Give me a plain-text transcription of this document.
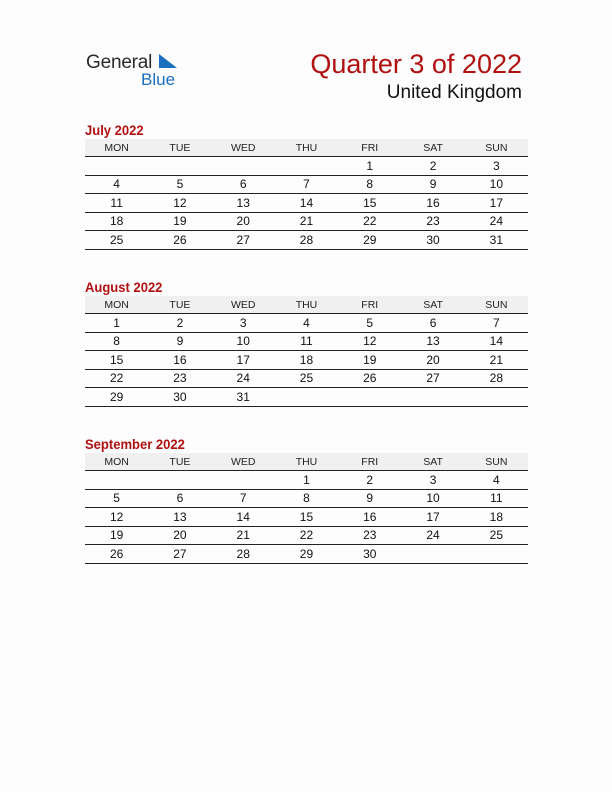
General
Blue
Quarter 3 of 2022
United Kingdom
July 2022
MON	TUE	WED	THU	FRI	SAT	SUN
				1	2	3
4	5	6	7	8	9	10
11	12	13	14	15	16	17
18	19	20	21	22	23	24
25	26	27	28	29	30	31
August 2022
MON	TUE	WED	THU	FRI	SAT	SUN
1	2	3	4	5	6	7
8	9	10	11	12	13	14
15	16	17	18	19	20	21
22	23	24	25	26	27	28
29	30	31				
September 2022
MON	TUE	WED	THU	FRI	SAT	SUN
			1	2	3	4
5	6	7	8	9	10	11
12	13	14	15	16	17	18
19	20	21	22	23	24	25
26	27	28	29	30		
